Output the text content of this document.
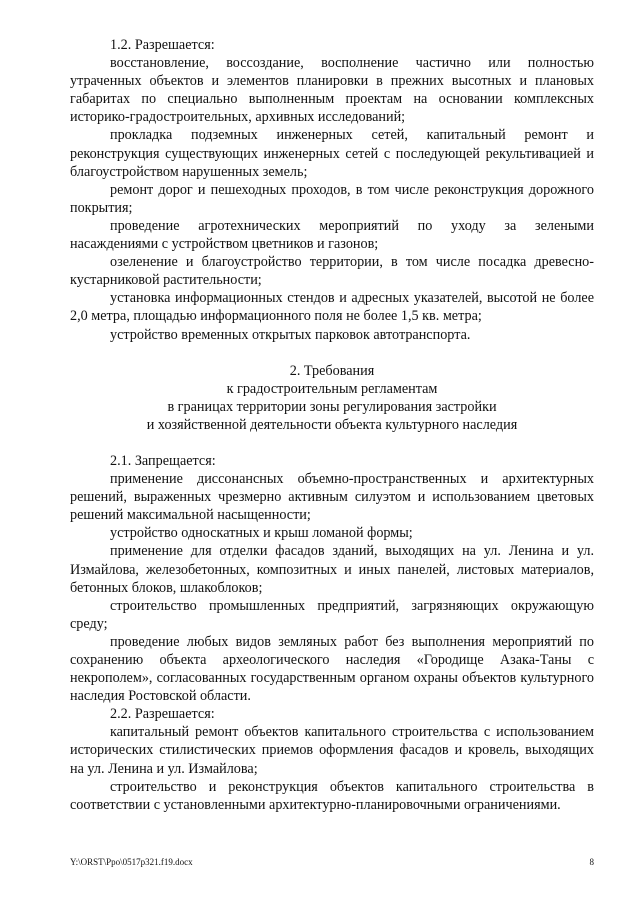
1.2. Разрешается:

восстановление, воссоздание, восполнение частично или полностью утраченных объектов и элементов планировки в прежних высотных и плановых габаритах по специально выполненным проектам на основании комплексных историко-градостроительных, архивных исследований;

прокладка подземных инженерных сетей, капитальный ремонт и реконструкция существующих инженерных сетей с последующей рекультивацией и благоустройством нарушенных земель;

ремонт дорог и пешеходных проходов, в том числе реконструкция дорожного покрытия;

проведение агротехнических мероприятий по уходу за зелеными насаждениями с устройством цветников и газонов;

озеленение и благоустройство территории, в том числе посадка древесно-кустарниковой растительности;

установка информационных стендов и адресных указателей, высотой не более 2,0 метра, площадью информационного поля не более 1,5 кв. метра;

устройство временных открытых парковок автотранспорта.

2. Требования

к градостроительным регламентам

в границах территории зоны регулирования застройки

и хозяйственной деятельности объекта культурного наследия

2.1. Запрещается:

применение диссонансных объемно-пространственных и архитектурных решений, выраженных чрезмерно активным силуэтом и использованием цветовых решений максимальной насыщенности;

устройство односкатных и крыш ломаной формы;

применение для отделки фасадов зданий, выходящих на ул. Ленина и ул. Измайлова, железобетонных, композитных и иных панелей, листовых материалов, бетонных блоков, шлакоблоков;

строительство промышленных предприятий, загрязняющих окружающую среду;

проведение любых видов земляных работ без выполнения мероприятий по сохранению объекта археологического наследия «Городище Азака-Таны с некрополем», согласованных государственным органом охраны объектов культурного наследия Ростовской области.

2.2. Разрешается:

капитальный ремонт объектов капитального строительства с использованием исторических стилистических приемов оформления фасадов и кровель, выходящих на ул. Ленина и ул. Измайлова;

строительство и реконструкция объектов капитального строительства в соответствии с установленными архитектурно-планировочными ограничениями.

Y:\ORST\Ppo\0517p321.f19.docx	8
